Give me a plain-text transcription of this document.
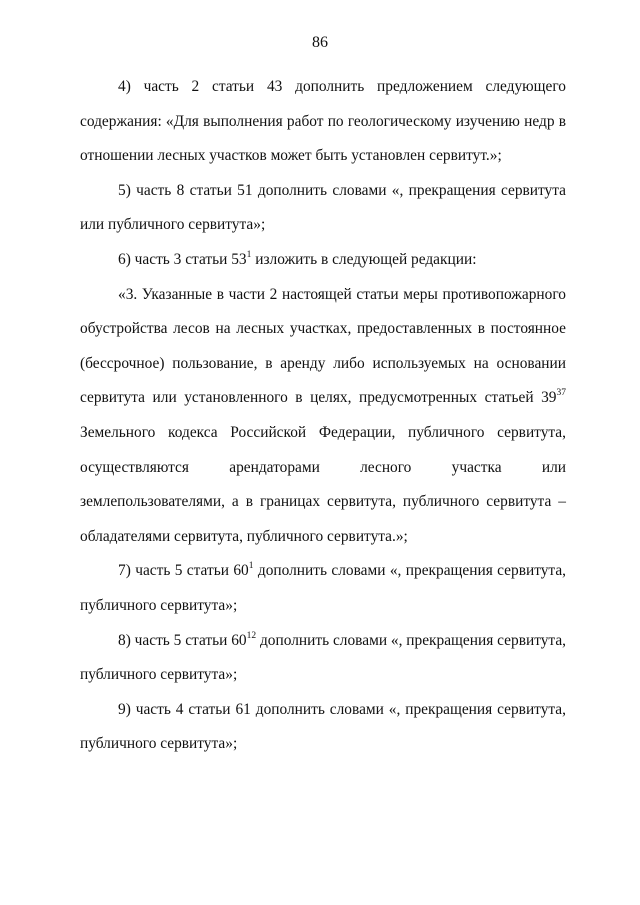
86

4) часть 2 статьи 43 дополнить предложением следующего содержания: «Для выполнения работ по геологическому изучению недр в отношении лесных участков может быть установлен сервитут.»;

5) часть 8 статьи 51 дополнить словами «, прекращения сервитута или публичного сервитута»;

6) часть 3 статьи $53^1$ изложить в следующей редакции:

«3. Указанные в части 2 настоящей статьи меры противопожарного обустройства лесов на лесных участках, предоставленных в постоянное (бессрочное) пользование, в аренду либо используемых на основании сервитута или установленного в целях, предусмотренных статьей $39^{37}$ Земельного кодекса Российской Федерации, публичного сервитута, осуществляются арендаторами лесного участка или землепользователями, а в границах сервитута, публичного сервитута – обладателями сервитута, публичного сервитута.»;

7) часть 5 статьи $60^1$ дополнить словами «, прекращения сервитута, публичного сервитута»;

8) часть 5 статьи $60^{12}$ дополнить словами «, прекращения сервитута, публичного сервитута»;

9) часть 4 статьи 61 дополнить словами «, прекращения сервитута, публичного сервитута»;
